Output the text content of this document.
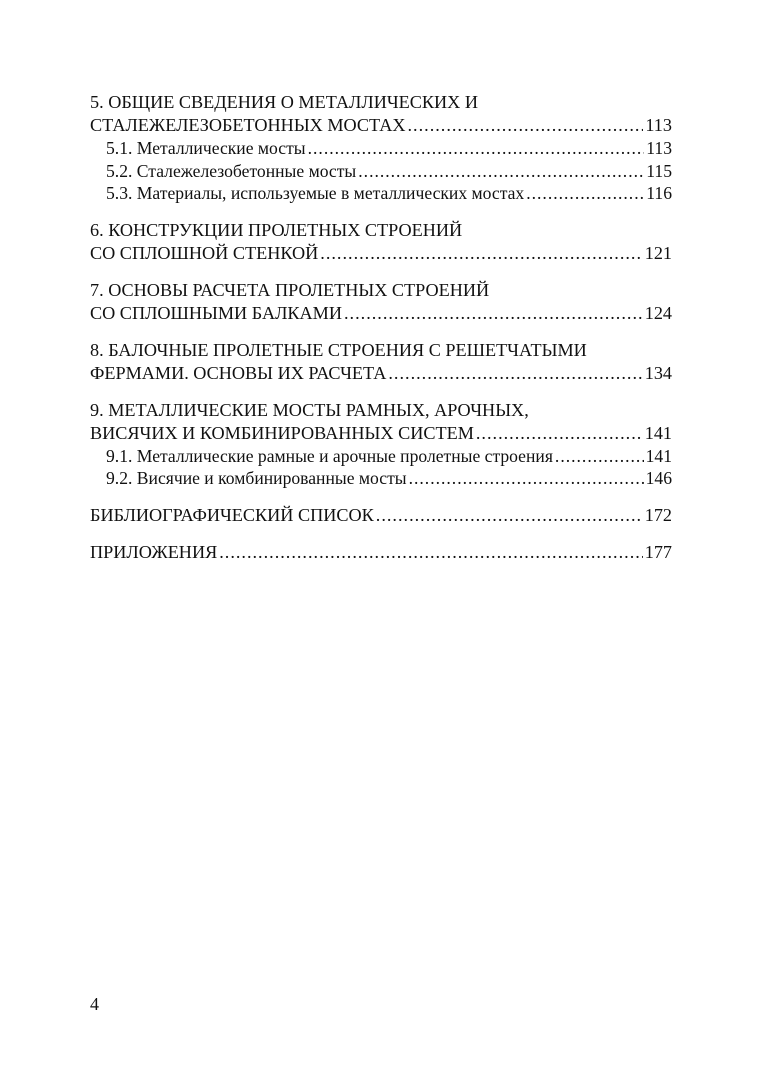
5. ОБЩИЕ СВЕДЕНИЯ О МЕТАЛЛИЧЕСКИХ И
СТАЛЕЖЕЛЕЗОБЕТОННЫХ МОСТАХ .....	113
5.1. Металлические мосты .....	113
5.2. Сталежелезобетонные мосты .....	115
5.3. Материалы, используемые в металлических мостах .....	116
6. КОНСТРУКЦИИ ПРОЛЕТНЫХ СТРОЕНИЙ
СО СПЛОШНОЙ СТЕНКОЙ .....	121
7. ОСНОВЫ РАСЧЕТА ПРОЛЕТНЫХ СТРОЕНИЙ
СО СПЛОШНЫМИ БАЛКАМИ .....	124
8. БАЛОЧНЫЕ ПРОЛЕТНЫЕ СТРОЕНИЯ С РЕШЕТЧАТЫМИ
ФЕРМАМИ. ОСНОВЫ ИХ РАСЧЕТА .....	134
9. МЕТАЛЛИЧЕСКИЕ МОСТЫ РАМНЫХ, АРОЧНЫХ,
ВИСЯЧИХ И КОМБИНИРОВАННЫХ СИСТЕМ .....	141
9.1. Металлические рамные и арочные пролетные строения .....	141
9.2. Висячие и комбинированные мосты .....	146
БИБЛИОГРАФИЧЕСКИЙ СПИСОК .....	172
ПРИЛОЖЕНИЯ .....	177
4
